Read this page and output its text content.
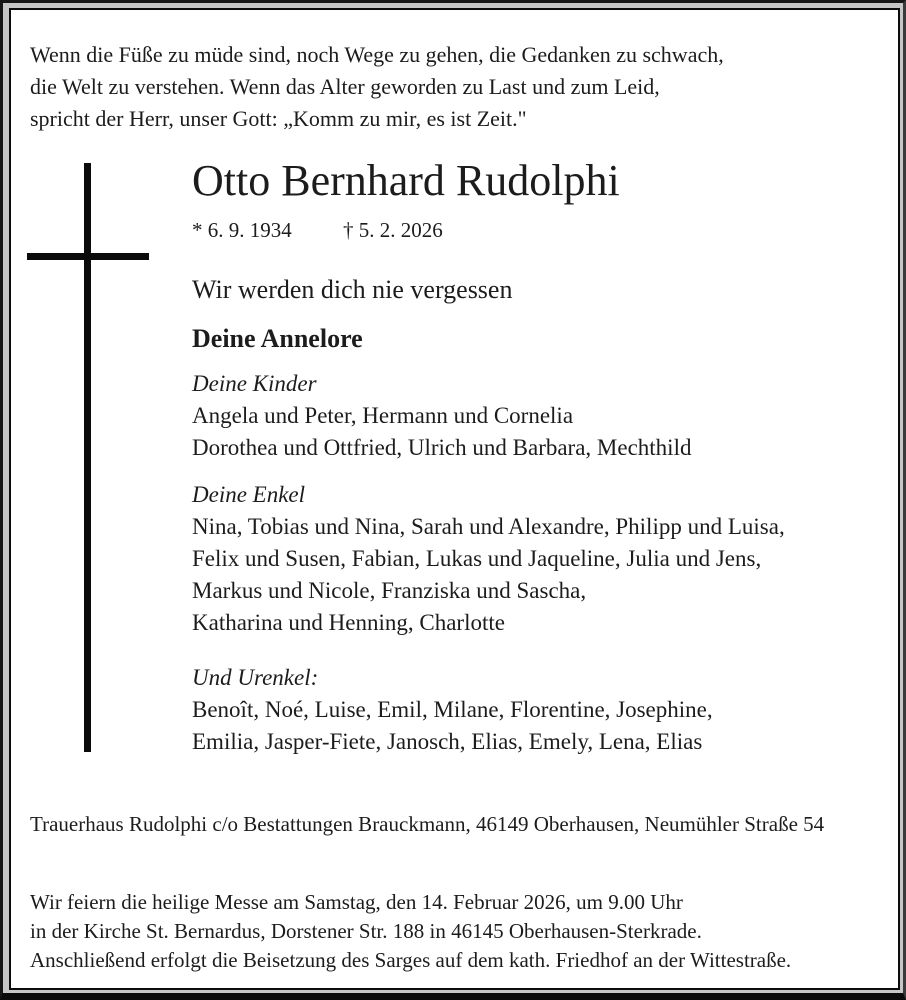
Wenn die Füße zu müde sind, noch Wege zu gehen, die Gedanken zu schwach,
die Welt zu verstehen. Wenn das Alter geworden zu Last und zum Leid,
spricht der Herr, unser Gott: „Komm zu mir, es ist Zeit."
Otto Bernhard Rudolphi
* 6. 9. 1934 † 5. 2. 2026
Wir werden dich nie vergessen
Deine Annelore
Deine Kinder
Angela und Peter, Hermann und Cornelia
Dorothea und Ottfried, Ulrich und Barbara, Mechthild
Deine Enkel
Nina, Tobias und Nina, Sarah und Alexandre, Philipp und Luisa,
Felix und Susen, Fabian, Lukas und Jaqueline, Julia und Jens,
Markus und Nicole, Franziska und Sascha,
Katharina und Henning, Charlotte
Und Urenkel:
Benoît, Noé, Luise, Emil, Milane, Florentine, Josephine,
Emilia, Jasper-Fiete, Janosch, Elias, Emely, Lena, Elias
Trauerhaus Rudolphi c/o Bestattungen Brauckmann, 46149 Oberhausen, Neumühler Straße 54
Wir feiern die heilige Messe am Samstag, den 14. Februar 2026, um 9.00 Uhr
in der Kirche St. Bernardus, Dorstener Str. 188 in 46145 Oberhausen-Sterkrade.
Anschließend erfolgt die Beisetzung des Sarges auf dem kath. Friedhof an der Wittestraße.
